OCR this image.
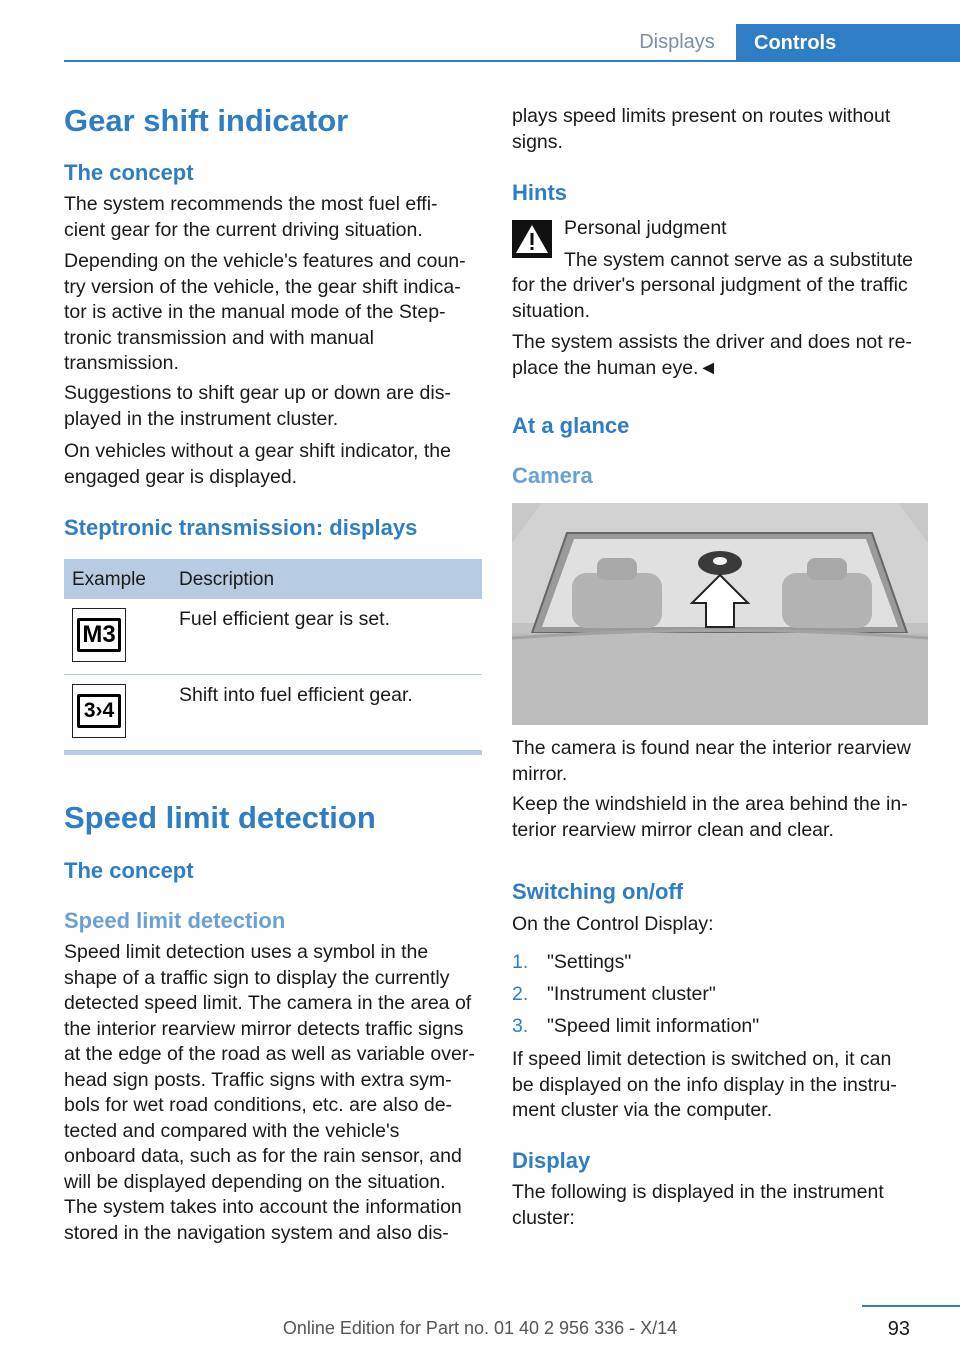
Displays	Controls
Gear shift indicator
The concept
The system recommends the most fuel effi‐
cient gear for the current driving situation.
Depending on the vehicle's features and coun‐
try version of the vehicle, the gear shift indica‐
tor is active in the manual mode of the Step‐
tronic transmission and with manual
transmission.
Suggestions to shift gear up or down are dis‐
played in the instrument cluster.
On vehicles without a gear shift indicator, the
engaged gear is displayed.
Steptronic transmission: displays
Example Description
M3
Fuel efficient gear is set.
3›4
Shift into fuel efficient gear.
Speed limit detection
The concept
Speed limit detection
Speed limit detection uses a symbol in the
shape of a traffic sign to display the currently
detected speed limit. The camera in the area of
the interior rearview mirror detects traffic signs
at the edge of the road as well as variable over‐
head sign posts. Traffic signs with extra sym‐
bols for wet road conditions, etc. are also de‐
tected and compared with the vehicle's
onboard data, such as for the rain sensor, and
will be displayed depending on the situation.
The system takes into account the information
stored in the navigation system and also dis‐
plays speed limits present on routes without
signs.
Hints
Personal judgment
The system cannot serve as a substitute
for the driver's personal judgment of the traffic
situation.
The system assists the driver and does not re‐
place the human eye.◄
At a glance
Camera
The camera is found near the interior rearview
mirror.
Keep the windshield in the area behind the in‐
terior rearview mirror clean and clear.
Switching on/off
On the Control Display:
1. "Settings"
2. "Instrument cluster"
3. "Speed limit information"
If speed limit detection is switched on, it can
be displayed on the info display in the instru‐
ment cluster via the computer.
Display
The following is displayed in the instrument
cluster:
93
Online Edition for Part no. 01 40 2 956 336 - X/14
